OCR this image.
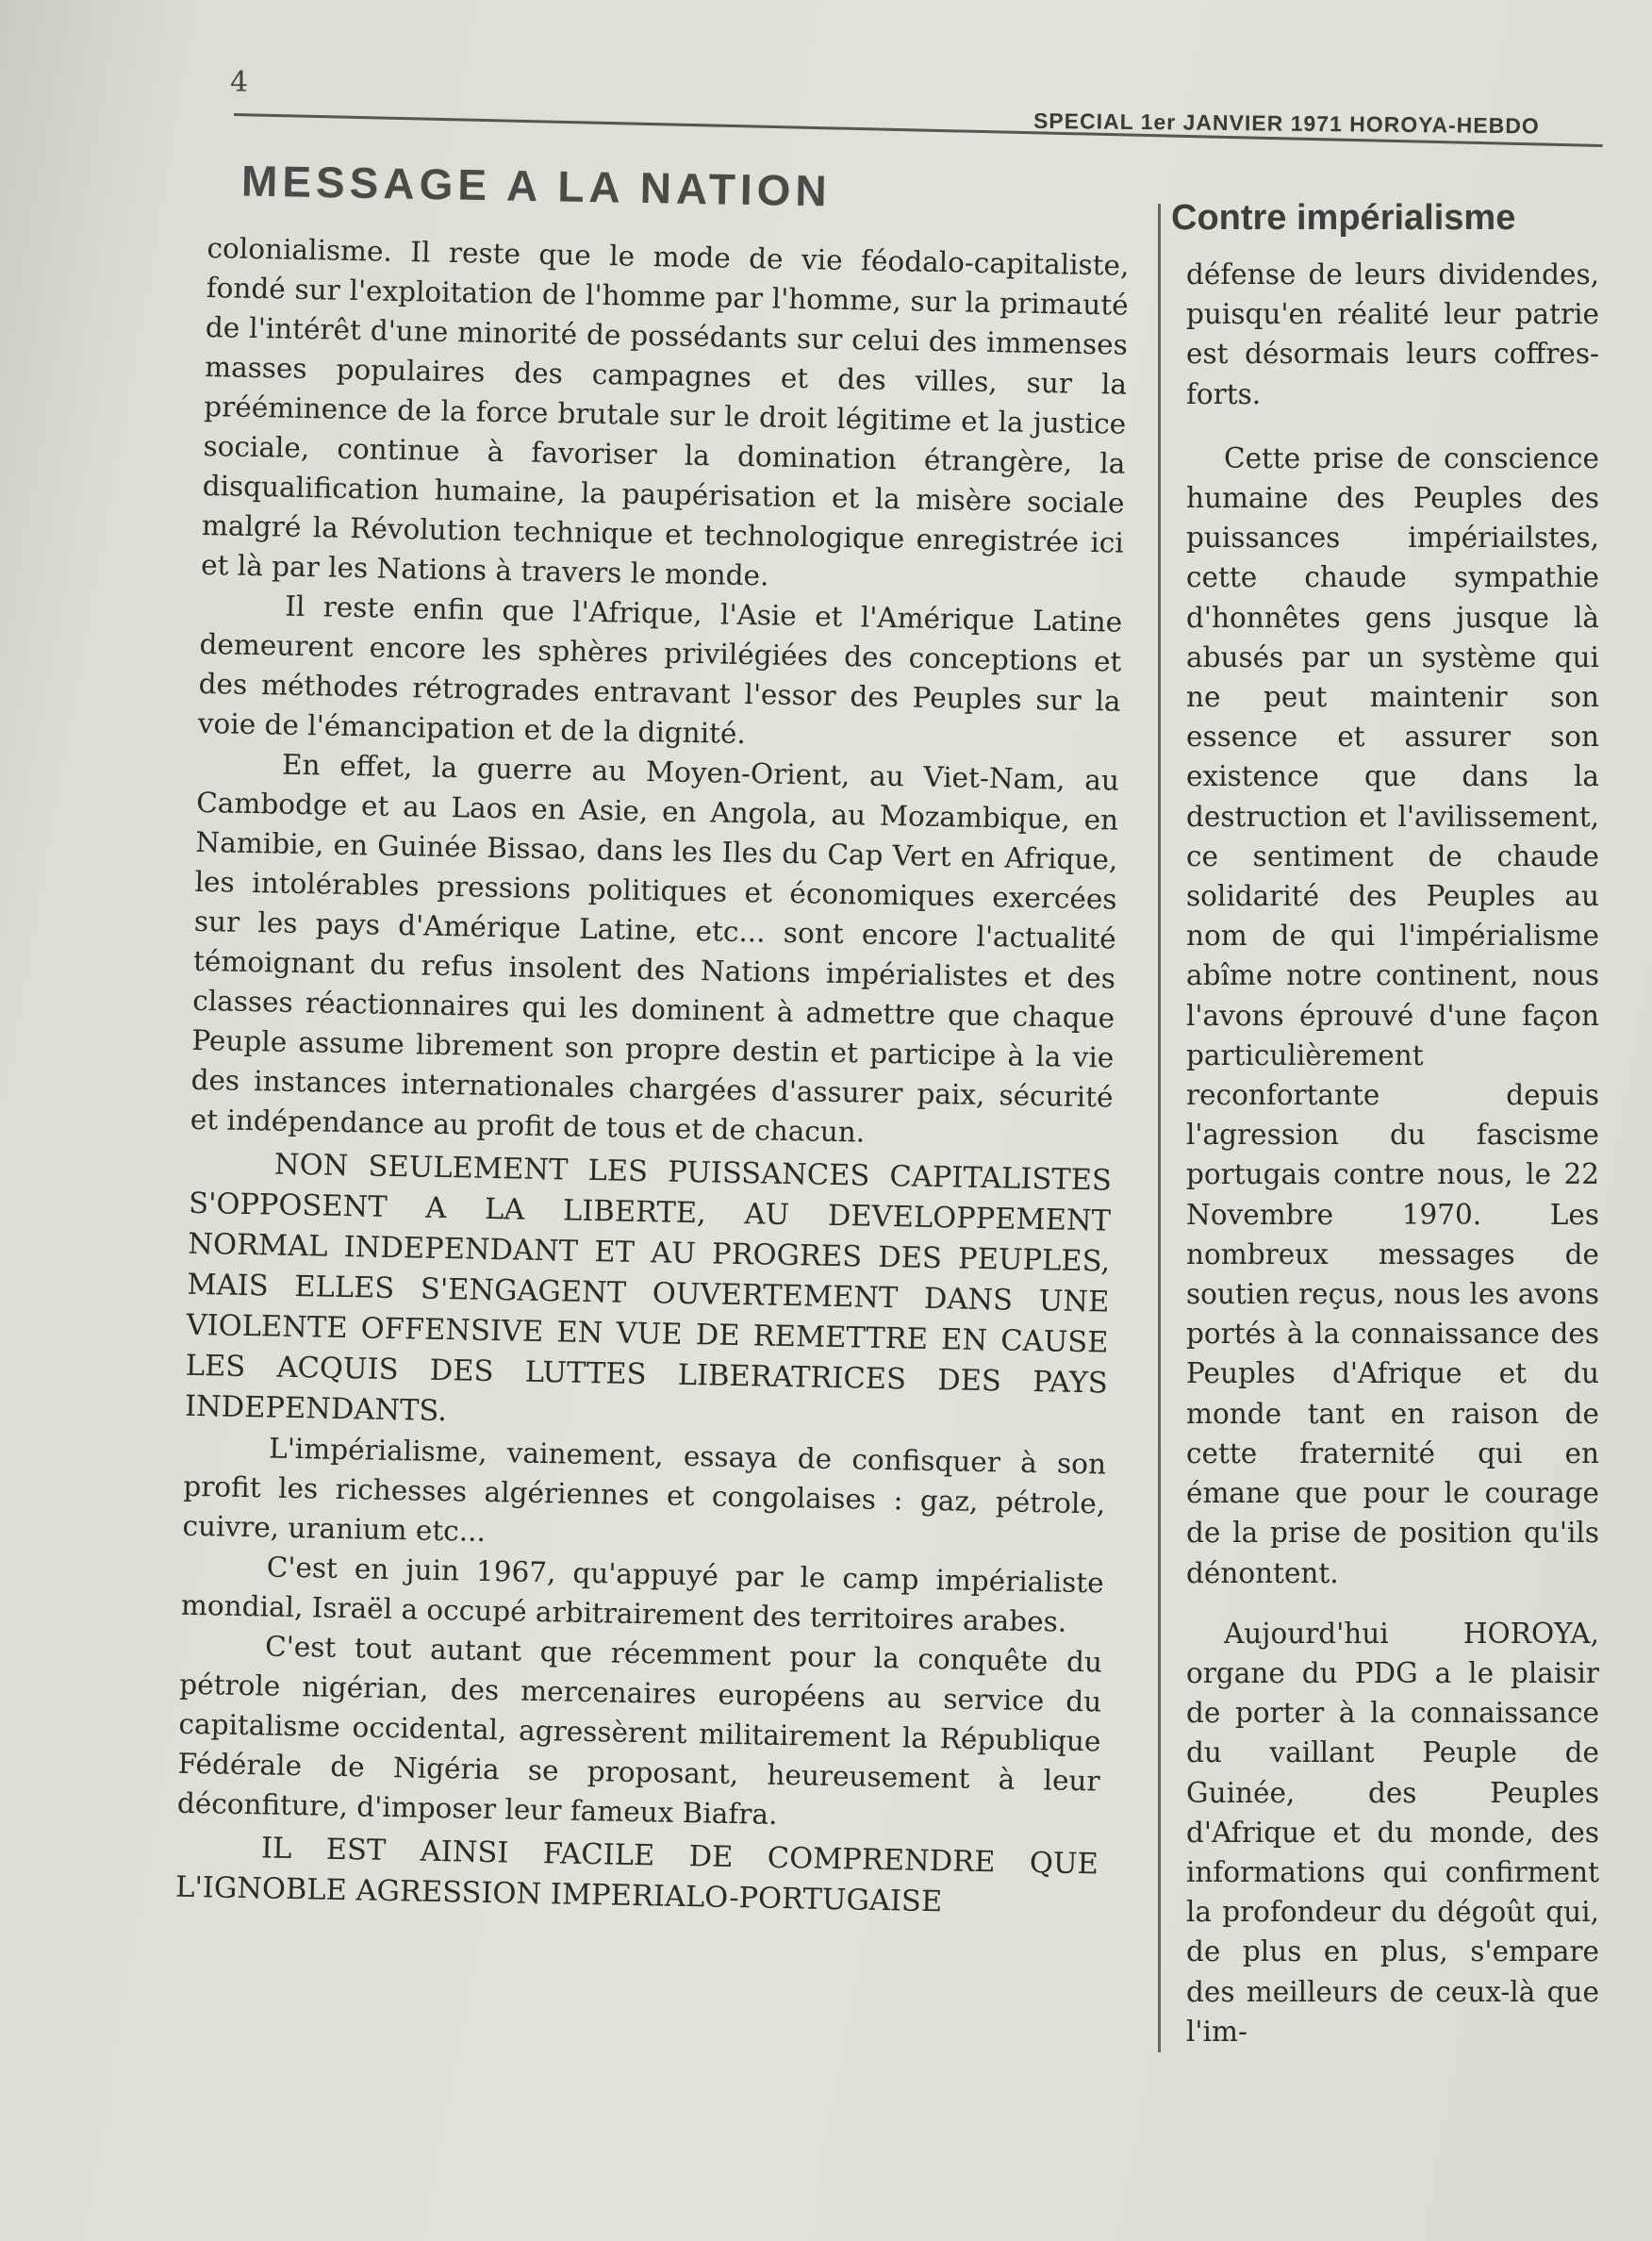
4
SPECIAL 1er JANVIER 1971 HOROYA-HEBDO
MESSAGE A LA NATION
Contre impérialisme

colonialisme. Il reste que le mode de vie féodalo-capitaliste, fondé sur l'exploitation de l'homme par l'homme, sur la primauté de l'intérêt d'une minorité de possédants sur celui des immenses masses populaires des campagnes et des villes, sur la prééminence de la force brutale sur le droit légitime et la justice sociale, continue à favoriser la domination étrangère, la disqualification humaine, la paupérisation et la misère sociale malgré la Révolution technique et technologique enregistrée ici et là par les Nations à travers le monde.

Il reste enfin que l'Afrique, l'Asie et l'Amérique Latine demeurent encore les sphères privilégiées des conceptions et des méthodes rétrogrades entravant l'essor des Peuples sur la voie de l'émancipation et de la dignité.

En effet, la guerre au Moyen-Orient, au Viet-Nam, au Cambodge et au Laos en Asie, en Angola, au Mozambique, en Namibie, en Guinée Bissao, dans les Iles du Cap Vert en Afrique, les intolérables pressions politiques et économiques exercées sur les pays d'Amérique Latine, etc... sont encore l'actualité témoignant du refus insolent des Nations impérialistes et des classes réactionnaires qui les dominent à admettre que chaque Peuple assume librement son propre destin et participe à la vie des instances internationales chargées d'assurer paix, sécurité et indépendance au profit de tous et de chacun.

NON SEULEMENT LES PUISSANCES CAPITALISTES S'OPPOSENT A LA LIBERTE, AU DEVELOPPEMENT NORMAL INDEPENDANT ET AU PROGRES DES PEUPLES, MAIS ELLES S'ENGAGENT OUVERTEMENT DANS UNE VIOLENTE OFFENSIVE EN VUE DE REMETTRE EN CAUSE LES ACQUIS DES LUTTES LIBERATRICES DES PAYS INDEPENDANTS.

L'impérialisme, vainement, essaya de confisquer à son profit les richesses algériennes et congolaises : gaz, pétrole, cuivre, uranium etc...

C'est en juin 1967, qu'appuyé par le camp impérialiste mondial, Israël a occupé arbitrairement des territoires arabes.

C'est tout autant que récemment pour la conquête du pétrole nigérian, des mercenaires européens au service du capitalisme occidental, agressèrent militairement la République Fédérale de Nigéria se proposant, heureusement à leur déconfiture, d'imposer leur fameux Biafra.

IL EST AINSI FACILE DE COMPRENDRE QUE L'IGNOBLE AGRESSION IMPERIALO-PORTUGAISE

défense de leurs dividendes, puisqu'en réalité leur patrie est désormais leurs coffres-forts.

Cette prise de conscience humaine des Peuples des puissances impériailstes, cette chaude sympathie d'honnêtes gens jusque là abusés par un système qui ne peut maintenir son essence et assurer son existence que dans la destruction et l'avilissement, ce sentiment de chaude solidarité des Peuples au nom de qui l'impérialisme abîme notre continent, nous l'avons éprouvé d'une façon particulièrement reconfortante depuis l'agression du fascisme portugais contre nous, le 22 Novembre 1970. Les nombreux messages de soutien reçus, nous les avons portés à la connaissance des Peuples d'Afrique et du monde tant en raison de cette fraternité qui en émane que pour le courage de la prise de position qu'ils dénontent.

Aujourd'hui HOROYA, organe du PDG a le plaisir de porter à la connaissance du vaillant Peuple de Guinée, des Peuples d'Afrique et du monde, des informations qui confirment la profondeur du dégoût qui, de plus en plus, s'empare des meilleurs de ceux-là que l'im-
